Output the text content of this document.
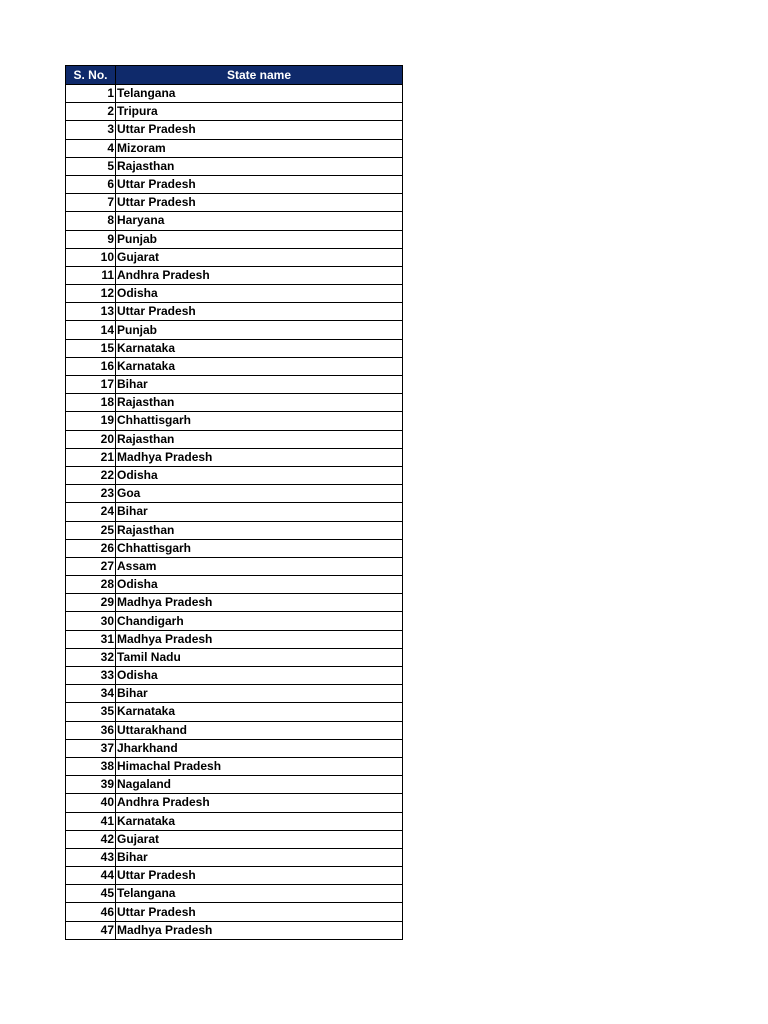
S. No.	State name
1	Telangana
2	Tripura
3	Uttar Pradesh
4	Mizoram
5	Rajasthan
6	Uttar Pradesh
7	Uttar Pradesh
8	Haryana
9	Punjab
10	Gujarat
11	Andhra Pradesh
12	Odisha
13	Uttar Pradesh
14	Punjab
15	Karnataka
16	Karnataka
17	Bihar
18	Rajasthan
19	Chhattisgarh
20	Rajasthan
21	Madhya Pradesh
22	Odisha
23	Goa
24	Bihar
25	Rajasthan
26	Chhattisgarh
27	Assam
28	Odisha
29	Madhya Pradesh
30	Chandigarh
31	Madhya Pradesh
32	Tamil Nadu
33	Odisha
34	Bihar
35	Karnataka
36	Uttarakhand
37	Jharkhand
38	Himachal Pradesh
39	Nagaland
40	Andhra Pradesh
41	Karnataka
42	Gujarat
43	Bihar
44	Uttar Pradesh
45	Telangana
46	Uttar Pradesh
47	Madhya Pradesh
